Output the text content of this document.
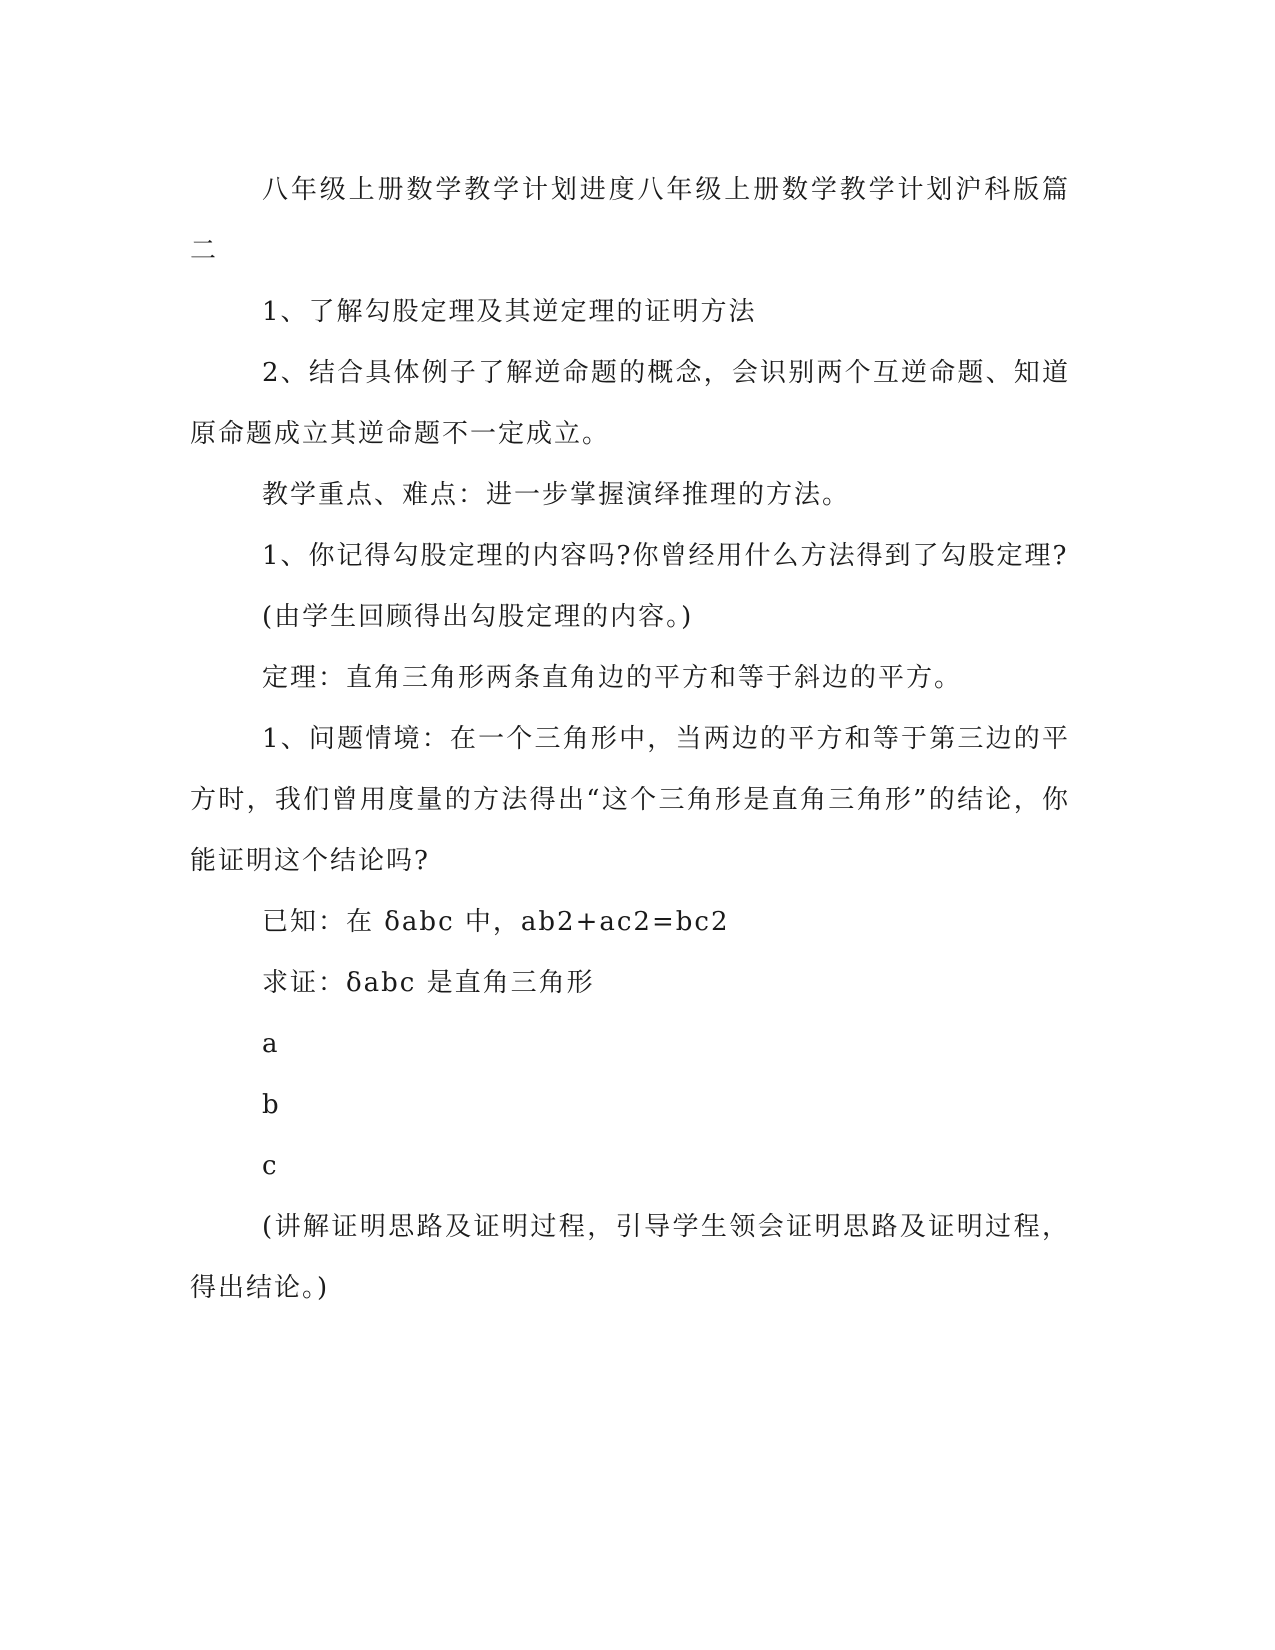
八年级上册数学教学计划进度八年级上册数学教学计划沪科版篇二

1、了解勾股定理及其逆定理的证明方法

2、结合具体例子了解逆命题的概念，会识别两个互逆命题、知道原命题成立其逆命题不一定成立。

教学重点、难点：进一步掌握演绎推理的方法。

1、你记得勾股定理的内容吗?你曾经用什么方法得到了勾股定理?

(由学生回顾得出勾股定理的内容。)

定理：直角三角形两条直角边的平方和等于斜边的平方。

1、问题情境：在一个三角形中，当两边的平方和等于第三边的平方时，我们曾用度量的方法得出“这个三角形是直角三角形”的结论，你能证明这个结论吗?

已知：在 δabc 中，ab2+ac2=bc2

求证：δabc 是直角三角形

a

b

c

(讲解证明思路及证明过程，引导学生领会证明思路及证明过程，得出结论。)
